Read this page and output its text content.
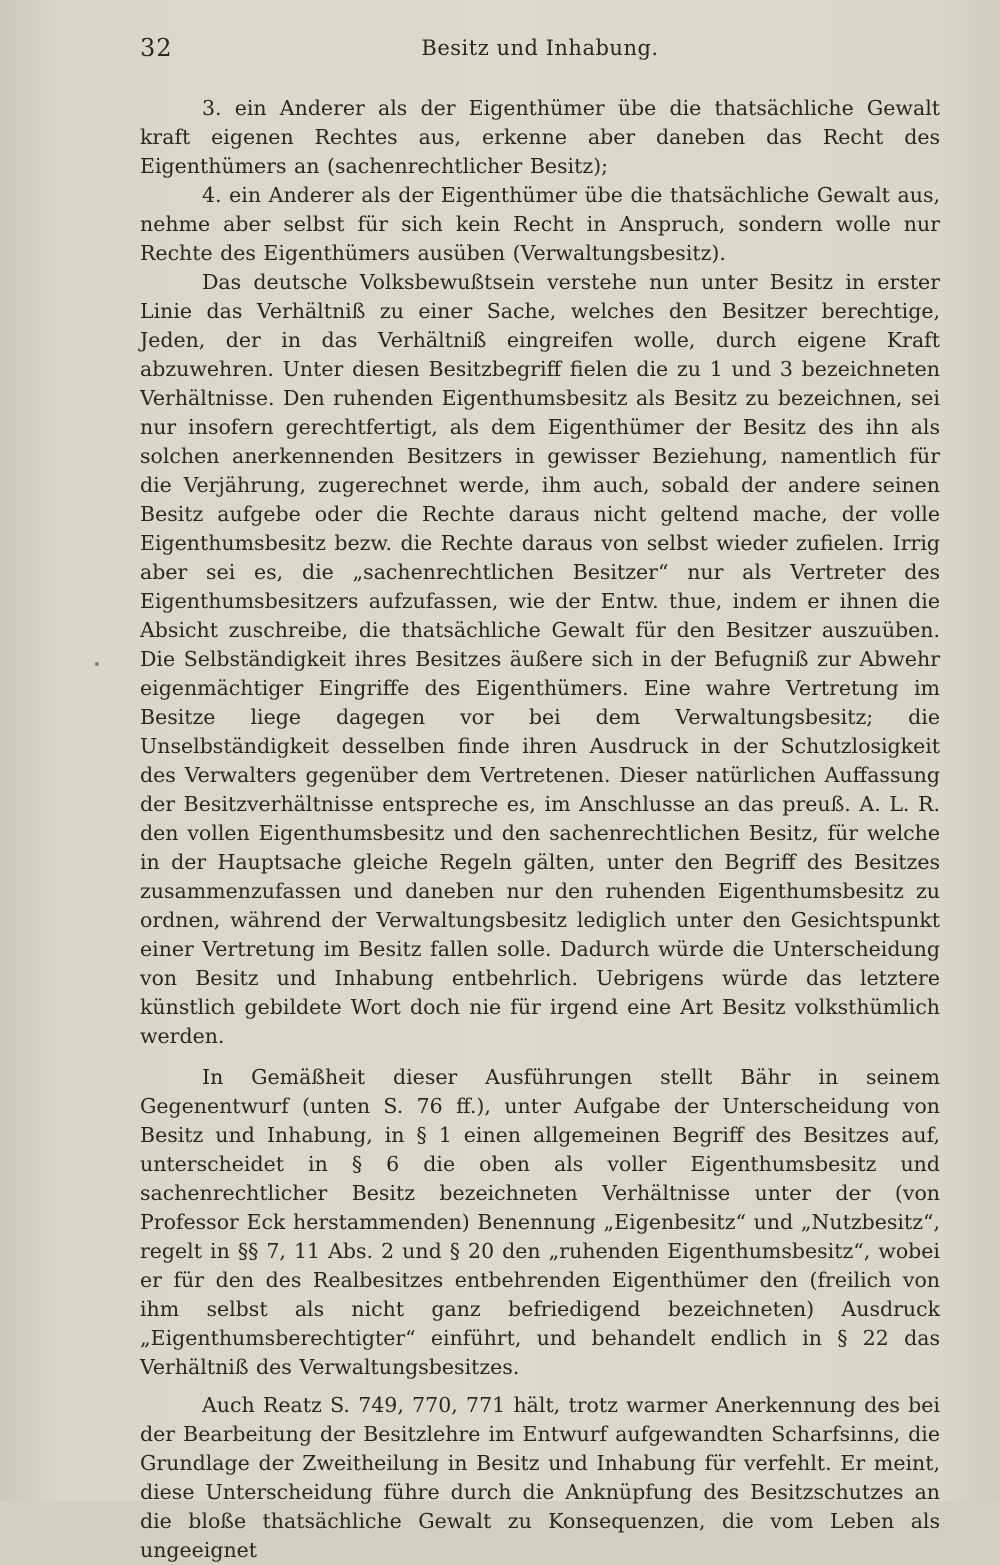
32	Besitz und Inhabung.

3. ein Anderer als der Eigenthümer übe die thatsächliche Gewalt kraft eigenen Rechtes aus, erkenne aber daneben das Recht des Eigenthümers an (sachenrechtlicher Besitz);

4. ein Anderer als der Eigenthümer übe die thatsächliche Gewalt aus, nehme aber selbst für sich kein Recht in Anspruch, sondern wolle nur Rechte des Eigenthümers ausüben (Verwaltungsbesitz).

Das deutsche Volksbewußtsein verstehe nun unter Besitz in erster Linie das Verhältniß zu einer Sache, welches den Besitzer berechtige, Jeden, der in das Verhältniß eingreifen wolle, durch eigene Kraft abzuwehren. Unter diesen Besitzbegriff fielen die zu 1 und 3 bezeichneten Verhältnisse. Den ruhenden Eigenthumsbesitz als Besitz zu bezeichnen, sei nur insofern gerechtfertigt, als dem Eigenthümer der Besitz des ihn als solchen anerkennenden Besitzers in gewisser Beziehung, namentlich für die Verjährung, zugerechnet werde, ihm auch, sobald der andere seinen Besitz aufgebe oder die Rechte daraus nicht geltend mache, der volle Eigenthumsbesitz bezw. die Rechte daraus von selbst wieder zufielen. Irrig aber sei es, die „sachenrechtlichen Besitzer“ nur als Vertreter des Eigenthumsbesitzers aufzufassen, wie der Entw. thue, indem er ihnen die Absicht zuschreibe, die thatsächliche Gewalt für den Besitzer auszuüben. Die Selbständigkeit ihres Besitzes äußere sich in der Befugniß zur Abwehr eigenmächtiger Eingriffe des Eigenthümers. Eine wahre Vertretung im Besitze liege dagegen vor bei dem Verwaltungsbesitz; die Unselbständigkeit desselben finde ihren Ausdruck in der Schutzlosigkeit des Verwalters gegenüber dem Vertretenen. Dieser natürlichen Auffassung der Besitzverhältnisse entspreche es, im Anschlusse an das preuß. A. L. R. den vollen Eigenthumsbesitz und den sachenrechtlichen Besitz, für welche in der Hauptsache gleiche Regeln gälten, unter den Begriff des Besitzes zusammenzufassen und daneben nur den ruhenden Eigenthumsbesitz zu ordnen, während der Verwaltungsbesitz lediglich unter den Gesichtspunkt einer Vertretung im Besitz fallen solle. Dadurch würde die Unterscheidung von Besitz und Inhabung entbehrlich. Uebrigens würde das letztere künstlich gebildete Wort doch nie für irgend eine Art Besitz volksthümlich werden.

In Gemäßheit dieser Ausführungen stellt Bähr in seinem Gegenentwurf (unten S. 76 ff.), unter Aufgabe der Unterscheidung von Besitz und Inhabung, in § 1 einen allgemeinen Begriff des Besitzes auf, unterscheidet in § 6 die oben als voller Eigenthumsbesitz und sachenrechtlicher Besitz bezeichneten Verhältnisse unter der (von Professor Eck herstammenden) Benennung „Eigenbesitz“ und „Nutzbesitz“, regelt in §§ 7, 11 Abs. 2 und § 20 den „ruhenden Eigenthumsbesitz“, wobei er für den des Realbesitzes entbehrenden Eigenthümer den (freilich von ihm selbst als nicht ganz befriedigend bezeichneten) Ausdruck „Eigenthumsberechtigter“ einführt, und behandelt endlich in § 22 das Verhältniß des Verwaltungsbesitzes.

Auch Reatz S. 749, 770, 771 hält, trotz warmer Anerkennung des bei der Bearbeitung der Besitzlehre im Entwurf aufgewandten Scharfsinns, die Grundlage der Zweitheilung in Besitz und Inhabung für verfehlt. Er meint, diese Unterscheidung führe durch die Anknüpfung des Besitzschutzes an die bloße thatsächliche Gewalt zu Konsequenzen, die vom Leben als ungeeignet
